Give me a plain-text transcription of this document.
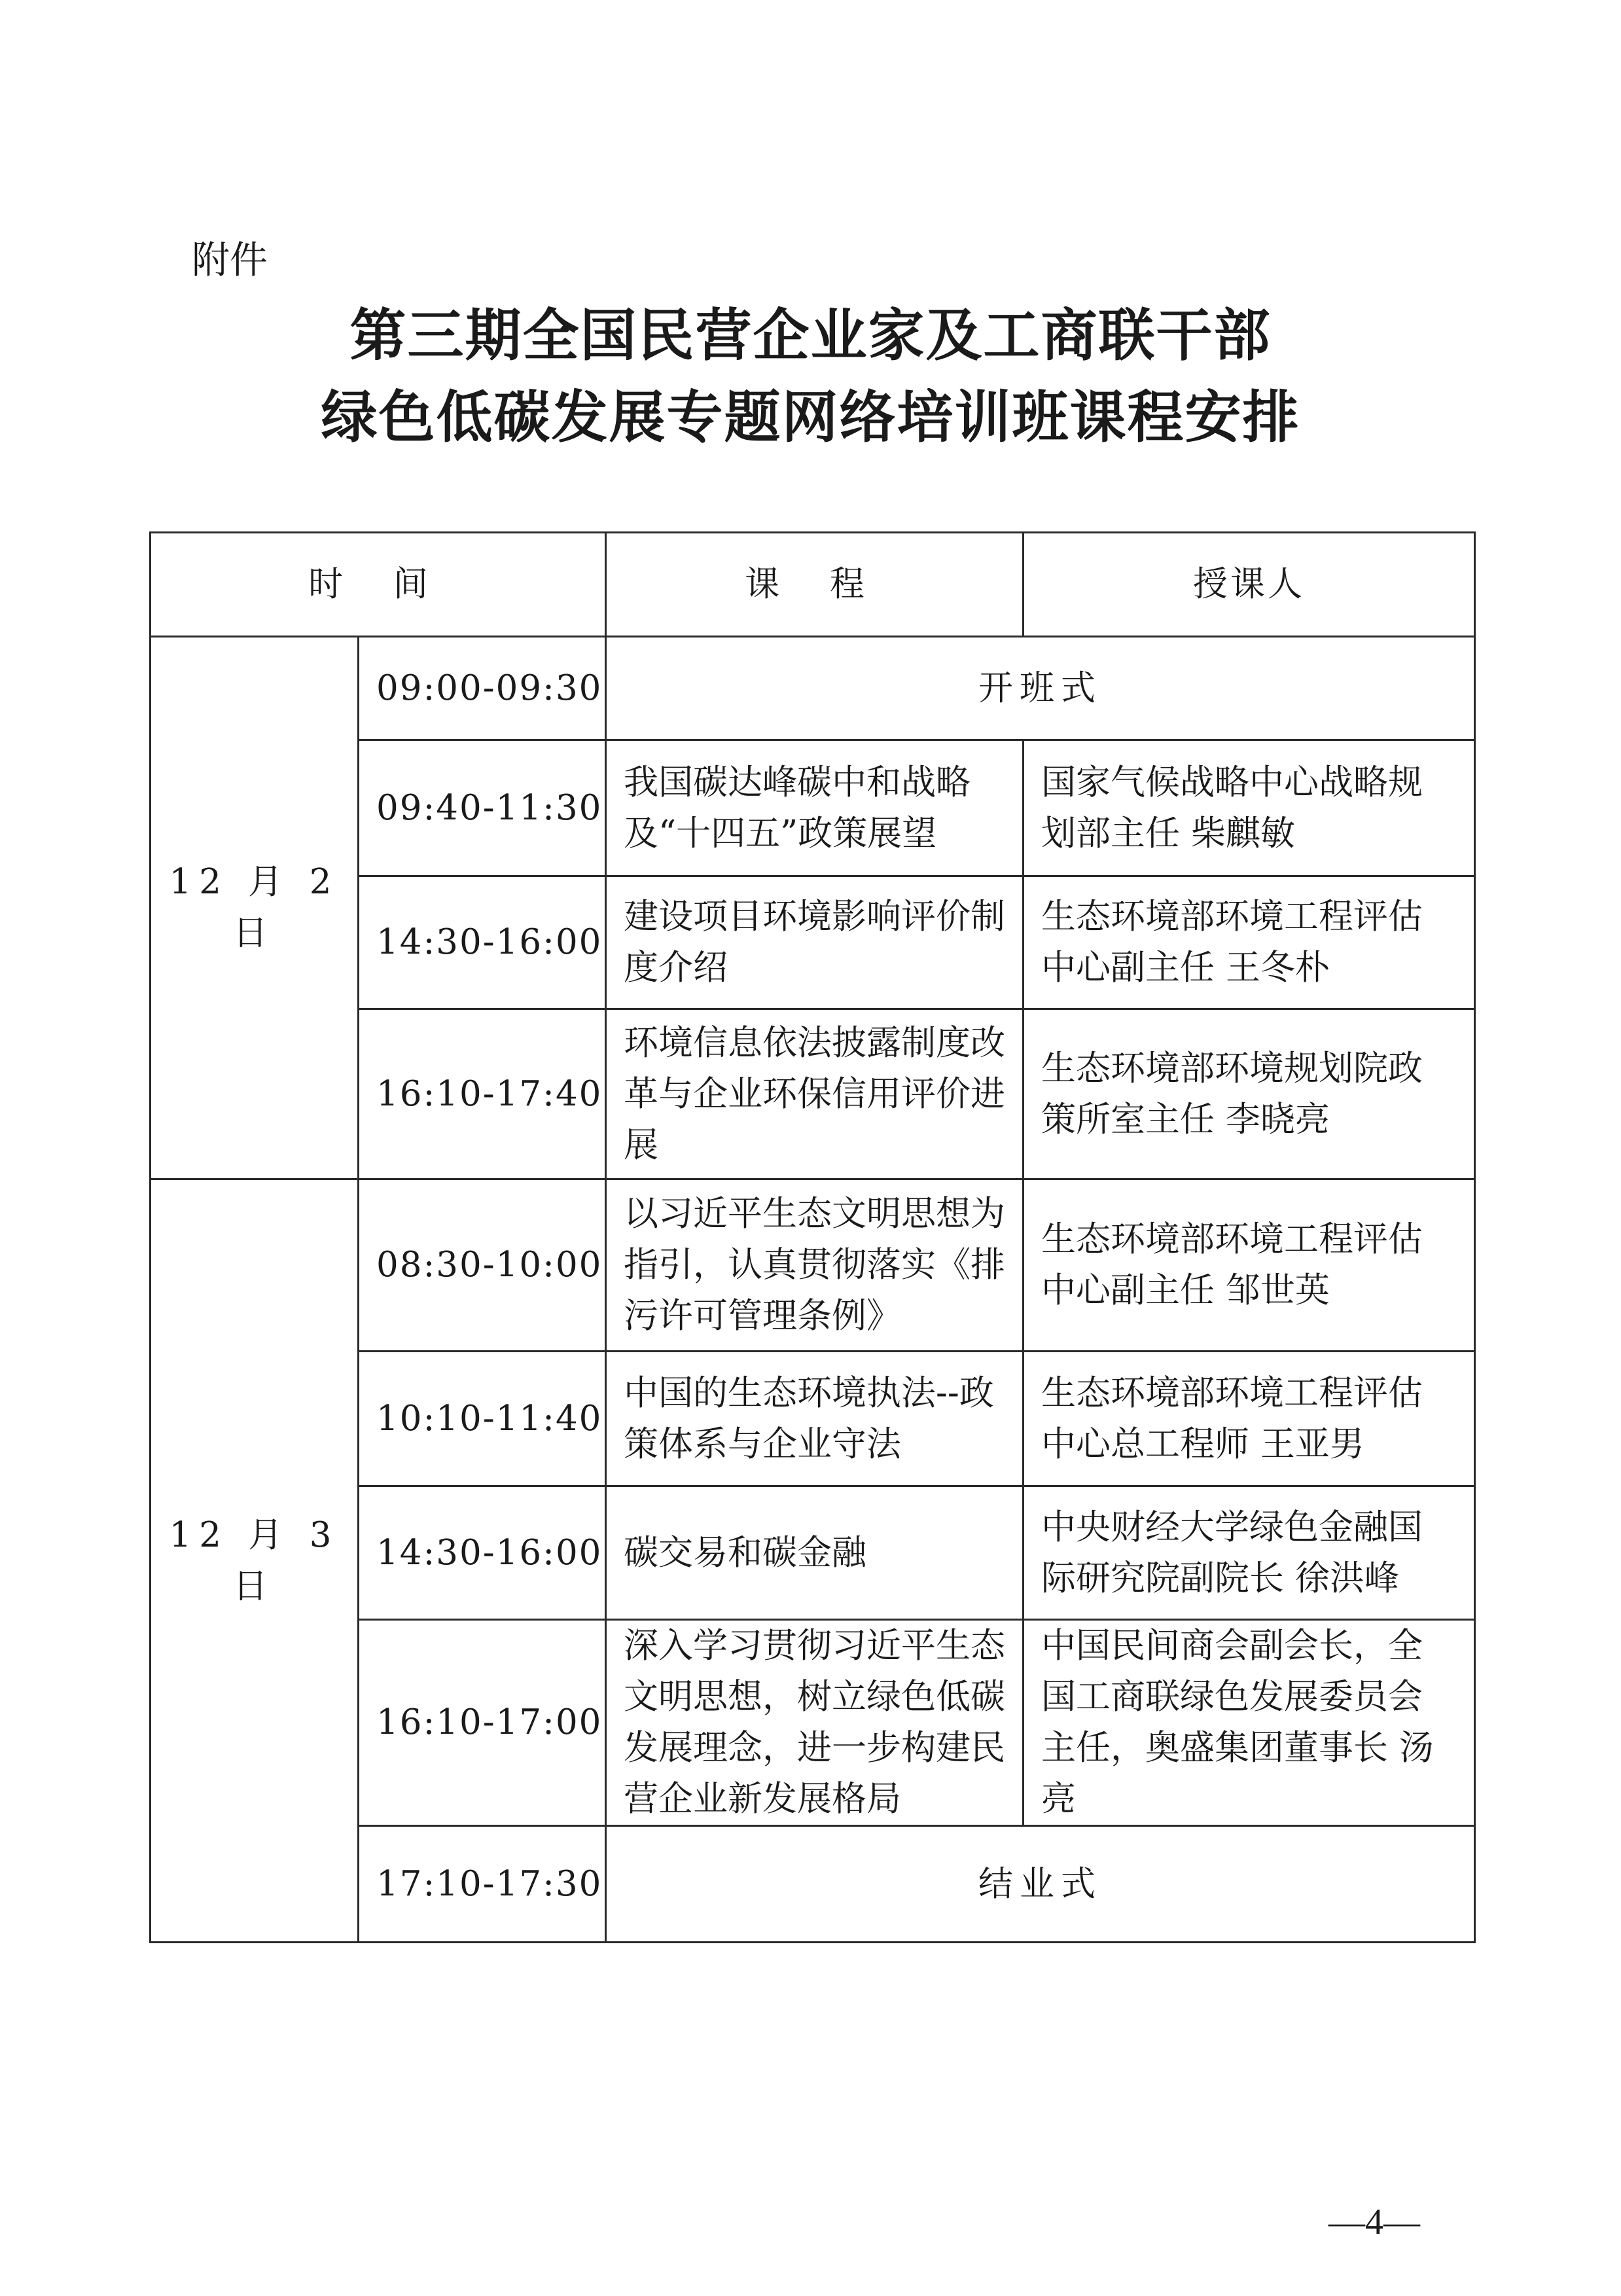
附件
第三期全国民营企业家及工商联干部
绿色低碳发展专题网络培训班课程安排
时 间		课 程	授课人
12 月 2 日	09:00-09:30	开班式	
	09:40-11:30	我国碳达峰碳中和战略及“十四五”政策展望	国家气候战略中心战略规划部主任 柴麒敏
	14:30-16:00	建设项目环境影响评价制度介绍	生态环境部环境工程评估中心副主任 王冬朴
	16:10-17:40	环境信息依法披露制度改革与企业环保信用评价进展	生态环境部环境规划院政策所室主任 李晓亮
12 月 3 日	08:30-10:00	以习近平生态文明思想为指引，认真贯彻落实《排污许可管理条例》	生态环境部环境工程评估中心副主任 邹世英
	10:10-11:40	中国的生态环境执法--政策体系与企业守法	生态环境部环境工程评估中心总工程师 王亚男
	14:30-16:00	碳交易和碳金融	中央财经大学绿色金融国际研究院副院长 徐洪峰
	16:10-17:00	深入学习贯彻习近平生态文明思想，树立绿色低碳发展理念，进一步构建民营企业新发展格局	中国民间商会副会长，全国工商联绿色发展委员会主任，奥盛集团董事长 汤亮
	17:10-17:30	结业式	
—4—
